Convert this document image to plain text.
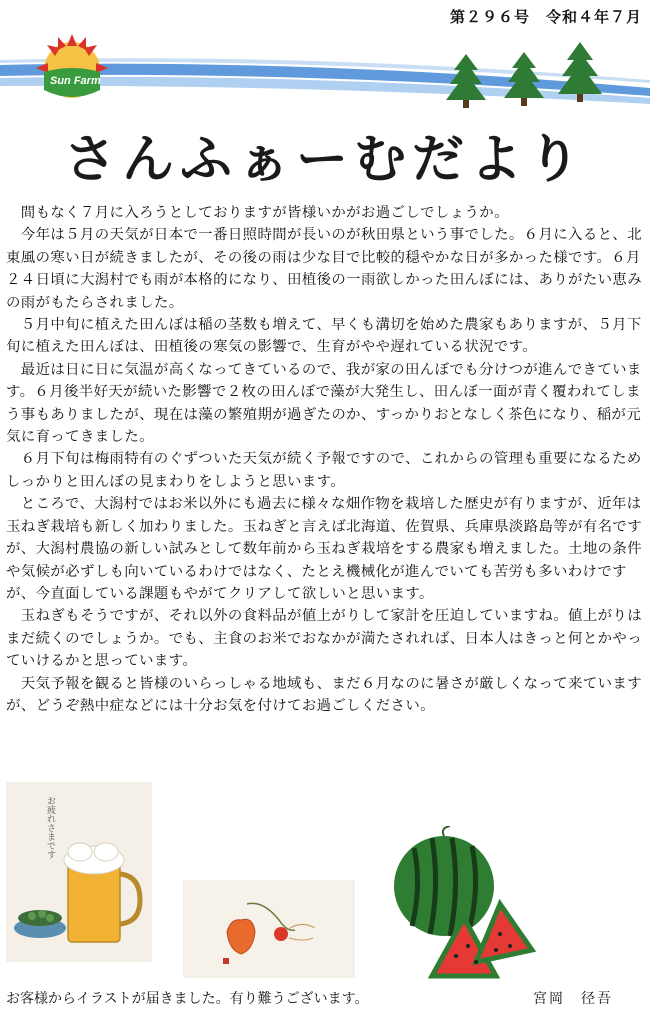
第２９６号　令和４年７月
Sun Farm
さんふぁーむだより

　間もなく７月に入ろうとしておりますが皆様いかがお過ごしでしょうか。

　今年は５月の天気が日本で一番日照時間が長いのが秋田県という事でした。６月に入ると、北東風の寒い日が続きましたが、その後の雨は少な目で比較的穏やかな日が多かった様です。６月２４日頃に大潟村でも雨が本格的になり、田植後の一雨欲しかった田んぼには、ありがたい恵みの雨がもたらされました。

　５月中旬に植えた田んぼは稲の茎数も増えて、早くも溝切を始めた農家もありますが、５月下旬に植えた田んぼは、田植後の寒気の影響で、生育がやや遅れている状況です。

　最近は日に日に気温が高くなってきているので、我が家の田んぼでも分けつが進んできています。６月後半好天が続いた影響で２枚の田んぼで藻が大発生し、田んぼ一面が青く覆われてしまう事もありましたが、現在は藻の繁殖期が過ぎたのか、すっかりおとなしく茶色になり、稲が元気に育ってきました。

　６月下旬は梅雨特有のぐずついた天気が続く予報ですので、これからの管理も重要になるためしっかりと田んぼの見まわりをしようと思います。

　ところで、大潟村ではお米以外にも過去に様々な畑作物を栽培した歴史が有りますが、近年は玉ねぎ栽培も新しく加わりました。玉ねぎと言えば北海道、佐賀県、兵庫県淡路島等が有名ですが、大潟村農協の新しい試みとして数年前から玉ねぎ栽培をする農家も増えました。土地の条件や気候が必ずしも向いているわけではなく、たとえ機械化が進んでいても苦労も多いわけですが、今直面している課題もやがてクリアして欲しいと思います。

　玉ねぎもそうですが、それ以外の食料品が値上がりして家計を圧迫していますね。値上がりはまだ続くのでしょうか。でも、主食のお米でおなかが満たされれば、日本人はきっと何とかやっていけるかと思っています。

　天気予報を観ると皆様のいらっしゃる地域も、まだ６月なのに暑さが厳しくなって来ていますが、どうぞ熱中症などには十分お気を付けてお過ごしください。

お疲れさまです
お客様からイラストが届きました。有り難うございます。	宮岡　径吾
